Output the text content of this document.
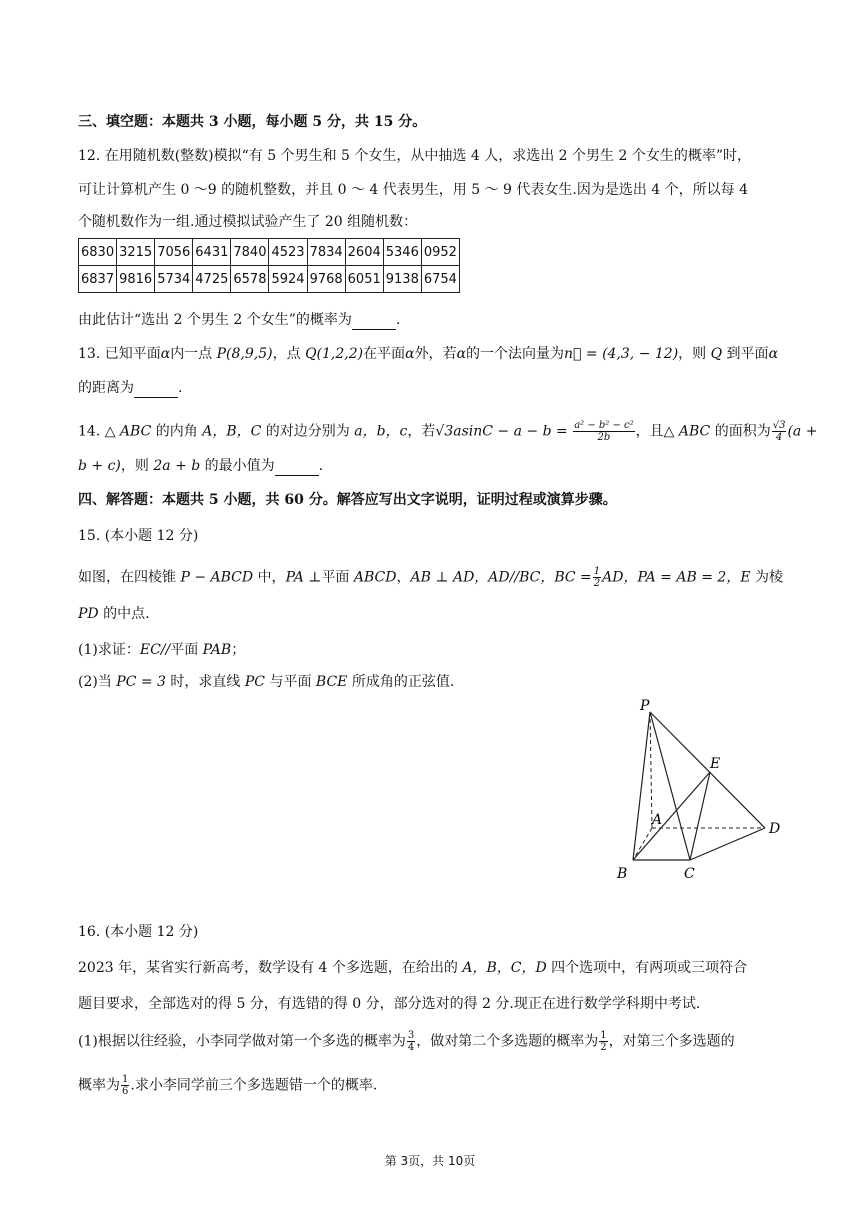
三、填空题：本题共 3 小题，每小题 5 分，共 15 分。
12. 在用随机数(整数)模拟“有 5 个男生和 5 个女生，从中抽选 4 人，求选出 2 个男生 2 个女生的概率”时，
可让计算机产生 0 ～9 的随机整数，并且 0 ～ 4 代表男生，用 5 ～ 9 代表女生.因为是选出 4 个，所以每 4
个随机数作为一组.通过模拟试验产生了 20 组随机数：
6830	3215	7056	6431	7840	4523	7834	2604	5346	0952
6837	9816	5734	4725	6578	5924	9768	6051	9138	6754
由此估计“选出 2 个男生 2 个女生”的概率为	.
13. 已知平面α内一点 P(8,9,5)，点 Q(1,2,2)在平面α外，若α的一个法向量为n⃗ = (4,3, − 12)，则 Q 到平面α
的距离为	.
14. △ ABC 的内角 A，B，C 的对边分别为 a，b，c，若$√3asinC - a - b = \frac{\text{a² − b² − c²}}{2b}$ ，且△ ABC 的面积为 $\frac{√3}{4} (a$ +
b + c)，则 2a + b 的最小值为	.
四、解答题：本题共 5 小题，共 60 分。解答应写出文字说明，证明过程或演算步骤。
15. (本小题 12 分)
如图，在四棱锥 P − ABCD 中，PA ⊥平面 ABCD，AB ⊥ AD，AD//BC，BC = $\frac{1}{2}$ AD，PA = AB = 2，E 为棱
PD 的中点.
(1)求证：EC//平面 PAB；
(2)当 PC = 3 时，求直线 PC 与平面 BCE 所成角的正弦值.
P
E
A
D
B	C
16. (本小题 12 分)
2023 年，某省实行新高考，数学设有 4 个多选题，在给出的 A，B，C，D 四个选项中，有两项或三项符合
题目要求，全部选对的得 5 分，有选错的得 0 分，部分选对的得 2 分.现正在进行数学学科期中考试.
(1)根据以往经验，小李同学做对第一个多选的概率为 $\frac{3}{4}$ ，做对第二个多选题的概率为 $\frac{1}{2}$ ，对第三个多选题的
概率为 $\frac{1}{6}$ .求小李同学前三个多选题错一个的概率.
第 3页，共 10页
